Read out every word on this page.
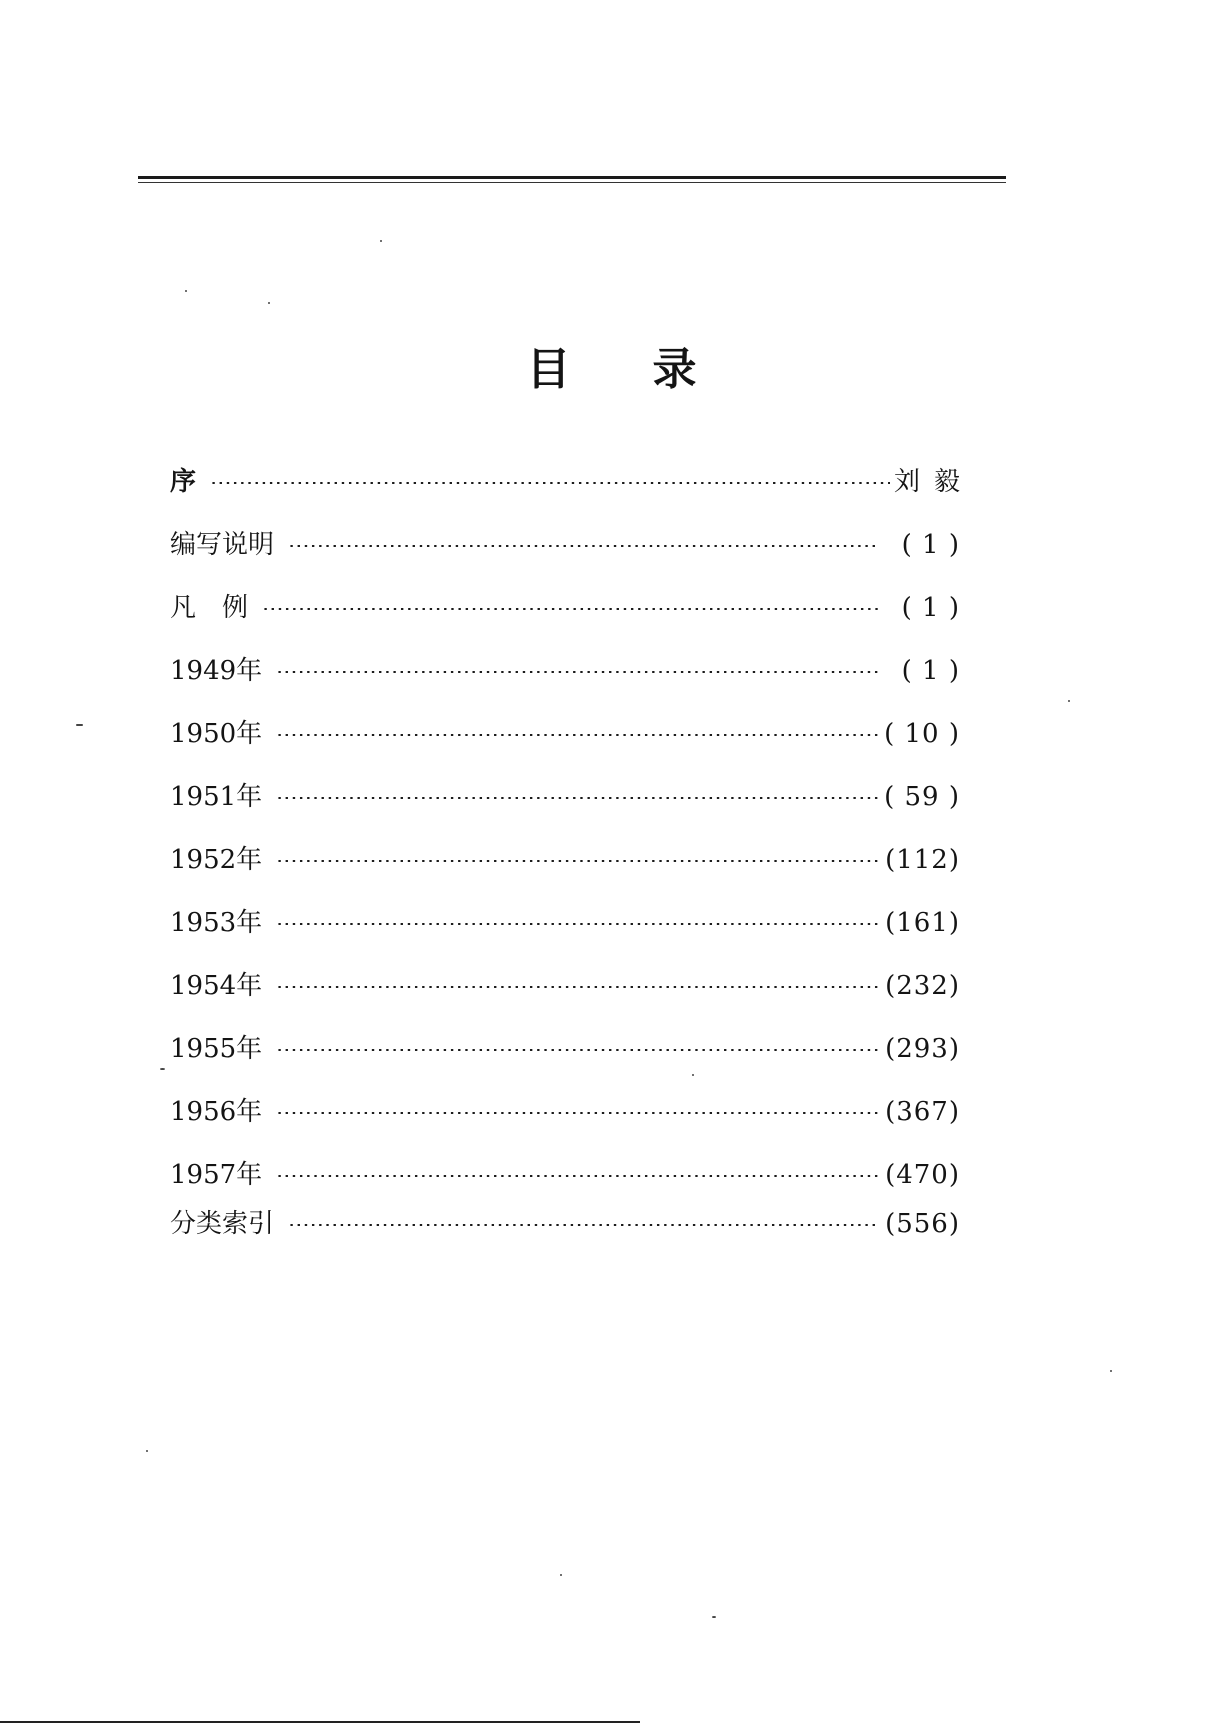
目 录
序	刘毅
编写说明	( 1 )
凡　例	( 1 )
1949年	( 1 )
1950年	( 10 )
1951年	( 59 )
1952年	(112)
1953年	(161)
1954年	(232)
1955年	(293)
1956年	(367)
1957年	(470)
分类索引	(556)
